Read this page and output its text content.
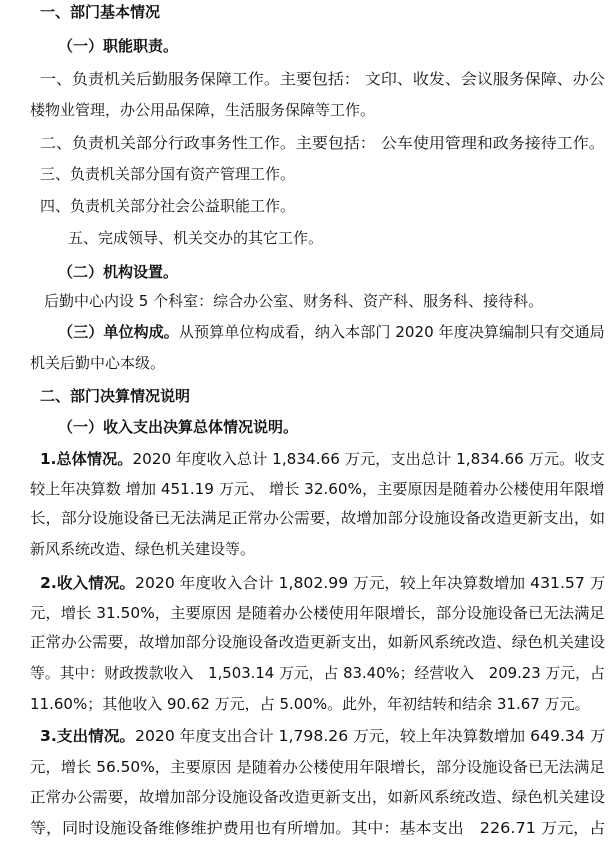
一、部门基本情况
（一）职能职责。
一、负责机关后勤服务保障工作。主要包括： 文印、收发、会议服务保障、办公
楼物业管理，办公用品保障，生活服务保障等工作。
二、负责机关部分行政事务性工作。主要包括： 公车使用管理和政务接待工作。
三、负责机关部分国有资产管理工作。
四、负责机关部分社会公益职能工作。
五、完成领导、机关交办的其它工作。
（二）机构设置。
后勤中心内设 5 个科室：综合办公室、财务科、资产科、服务科、接待科。
（三）单位构成。从预算单位构成看，纳入本部门 2020 年度决算编制只有交通局
机关后勤中心本级。
二、部门决算情况说明
（一）收入支出决算总体情况说明。
1.总体情况。2020 年度收入总计 1,834.66 万元，支出总计 1,834.66 万元。收支
较上年决算数 增加 451.19 万元、 增长 32.60%，主要原因是随着办公楼使用年限增
长，部分设施设备已无法满足正常办公需要，故增加部分设施设备改造更新支出，如
新风系统改造、绿色机关建设等。
2.收入情况。2020 年度收入合计 1,802.99 万元，较上年决算数增加 431.57 万
元，增长 31.50%，主要原因 是随着办公楼使用年限增长，部分设施设备已无法满足
正常办公需要，故增加部分设施设备改造更新支出，如新风系统改造、绿色机关建设
等。其中：财政拨款收入　1,503.14 万元，占 83.40%；经营收入　209.23 万元，占
11.60%；其他收入 90.62 万元，占 5.00%。此外，年初结转和结余 31.67 万元。
3.支出情况。2020 年度支出合计 1,798.26 万元，较上年决算数增加 649.34 万
元，增长 56.50%，主要原因 是随着办公楼使用年限增长，部分设施设备已无法满足
正常办公需要，故增加部分设施设备改造更新支出，如新风系统改造、绿色机关建设
等，同时设施设备维修维护费用也有所增加。其中：基本支出　226.71 万元，占
